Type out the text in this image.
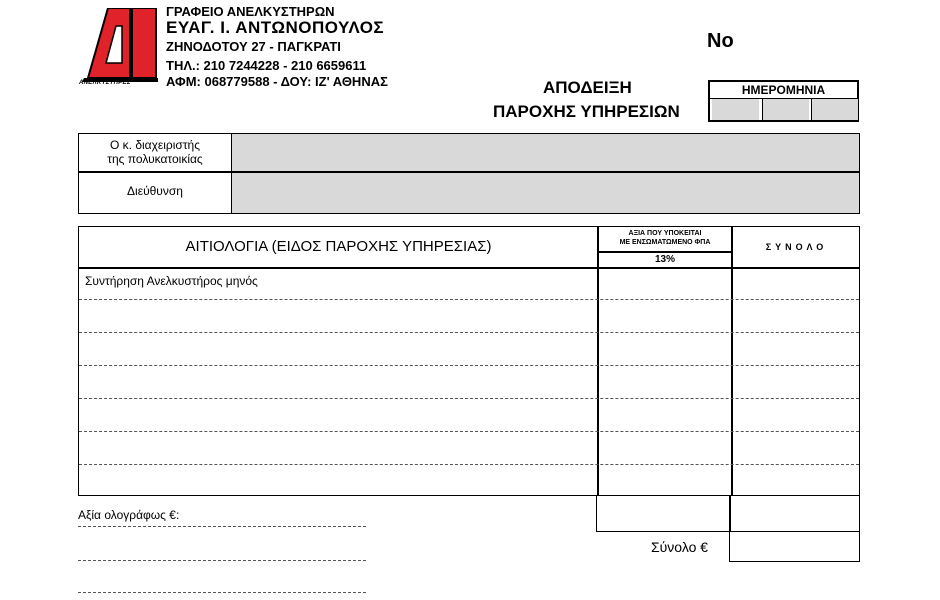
ΑΝΕΛΚΥΣΤΗΡΕΣ
ΓΡΑΦΕΙΟ ΑΝΕΛΚΥΣΤΗΡΩΝ
ΕΥΑΓ. Ι. ΑΝΤΩΝΟΠΟΥΛΟΣ
ΖΗΝΟΔΟΤΟΥ 27 - ΠΑΓΚΡΑΤΙ
ΤΗΛ.: 210 7244228 - 210 6659611
ΑΦΜ: 068779588 - ΔΟΥ: ΙΖ' ΑΘΗΝΑΣ
No
ΑΠΟΔΕΙΞΗ
ΠΑΡΟΧΗΣ ΥΠΗΡΕΣΙΩΝ
ΗΜΕΡΟΜΗΝΙΑ
Ο κ. διαχειριστής
της πολυκατοικίας
Διεύθυνση
ΑΙΤΙΟΛΟΓΙΑ (ΕΙΔΟΣ ΠΑΡΟΧΗΣ ΥΠΗΡΕΣΙΑΣ)
ΑΞΙΑ ΠΟΥ ΥΠΟΚΕΙΤΑΙ
ΜΕ ΕΝΣΩΜΑΤΩΜΕΝΟ ΦΠΑ
13%
ΣΥΝΟΛΟ
Συντήρηση Ανελκυστήρος μηνός
Αξία ολογράφως €:
Σύνολο €
